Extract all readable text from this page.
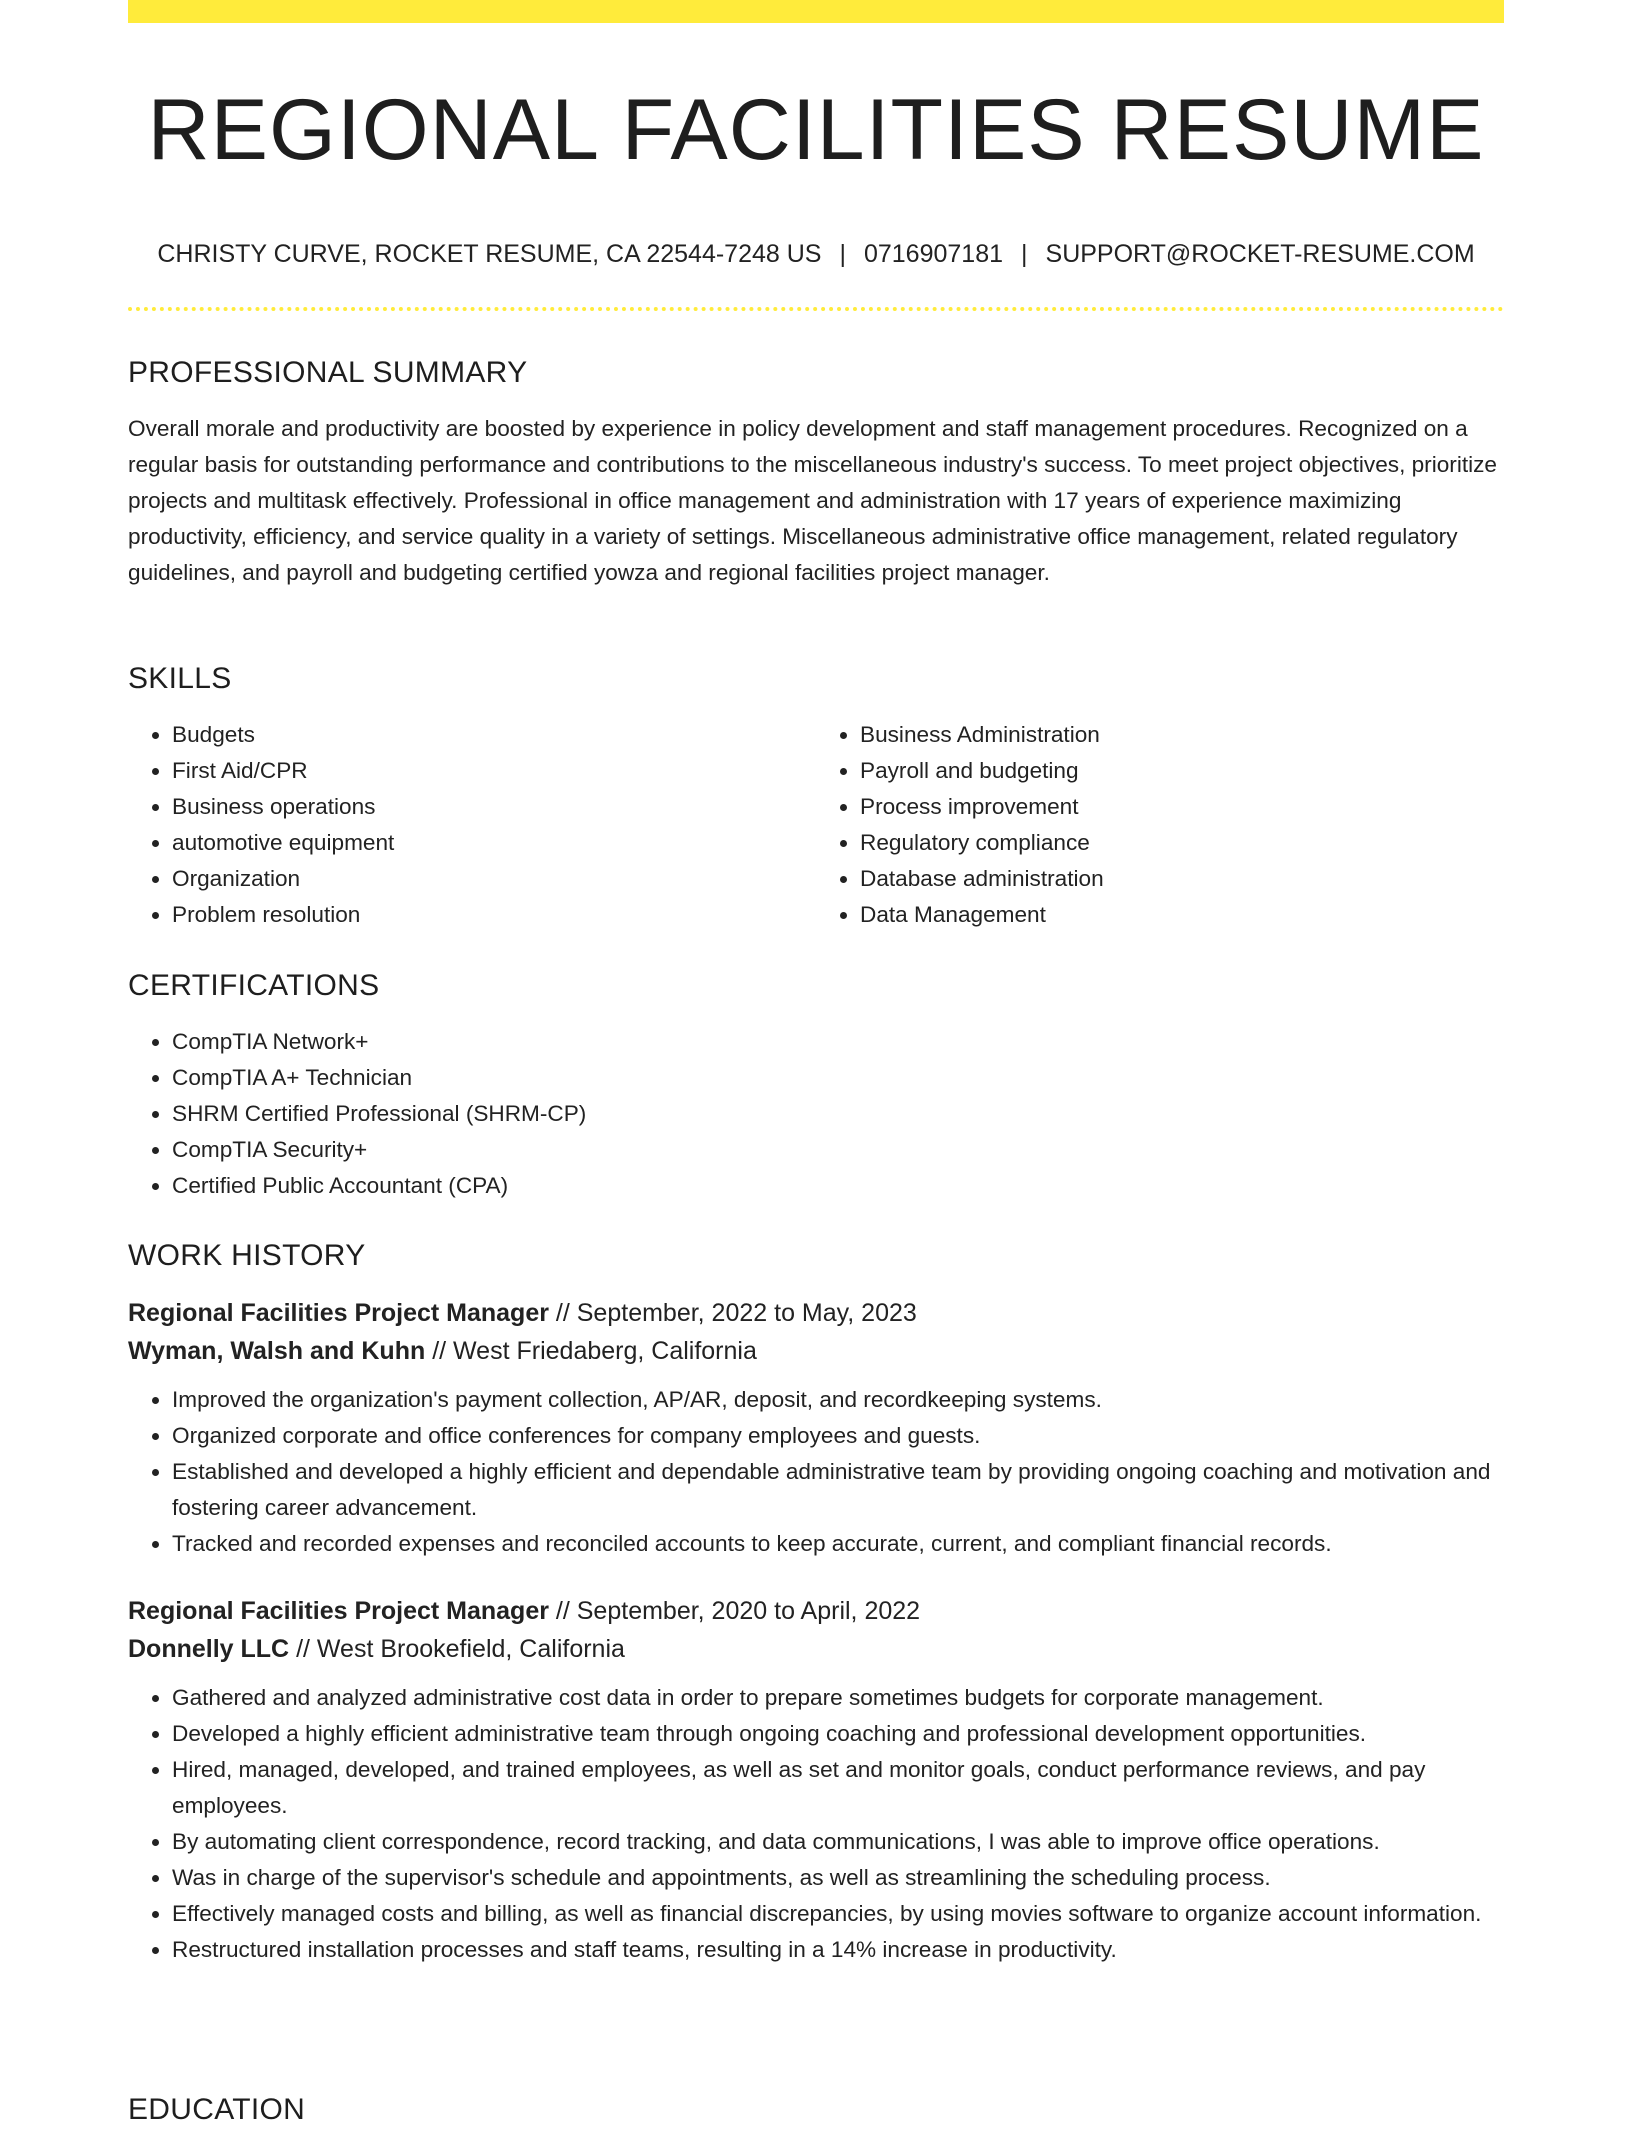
REGIONAL FACILITIES RESUME
CHRISTY CURVE, ROCKET RESUME, CA 22544-7248 US | 0716907181 | SUPPORT@ROCKET-RESUME.COM
PROFESSIONAL SUMMARY

Overall morale and productivity are boosted by experience in policy development and staff management procedures. Recognized on a regular basis for outstanding performance and contributions to the miscellaneous industry's success. To meet project objectives, prioritize projects and multitask effectively. Professional in office management and administration with 17 years of experience maximizing productivity, efficiency, and service quality in a variety of settings. Miscellaneous administrative office management, related regulatory guidelines, and payroll and budgeting certified yowza and regional facilities project manager.

SKILLS
• Budgets
• First Aid/CPR
• Business operations
• automotive equipment
• Organization
• Problem resolution
• Business Administration
• Payroll and budgeting
• Process improvement
• Regulatory compliance
• Database administration
• Data Management
CERTIFICATIONS
• CompTIA Network+
• CompTIA A+ Technician
• SHRM Certified Professional (SHRM-CP)
• CompTIA Security+
• Certified Public Accountant (CPA)
WORK HISTORY
Regional Facilities Project Manager // September, 2022 to May, 2023
Wyman, Walsh and Kuhn // West Friedaberg, California
• Improved the organization's payment collection, AP/AR, deposit, and recordkeeping systems.
• Organized corporate and office conferences for company employees and guests.
• Established and developed a highly efficient and dependable administrative team by providing ongoing coaching and motivation and fostering career advancement.
• Tracked and recorded expenses and reconciled accounts to keep accurate, current, and compliant financial records.
Regional Facilities Project Manager // September, 2020 to April, 2022
Donnelly LLC // West Brookefield, California
• Gathered and analyzed administrative cost data in order to prepare sometimes budgets for corporate management.
• Developed a highly efficient administrative team through ongoing coaching and professional development opportunities.
• Hired, managed, developed, and trained employees, as well as set and monitor goals, conduct performance reviews, and pay employees.
• By automating client correspondence, record tracking, and data communications, I was able to improve office operations.
• Was in charge of the supervisor's schedule and appointments, as well as streamlining the scheduling process.
• Effectively managed costs and billing, as well as financial discrepancies, by using movies software to organize account information.
• Restructured installation processes and staff teams, resulting in a 14% increase in productivity.
EDUCATION
